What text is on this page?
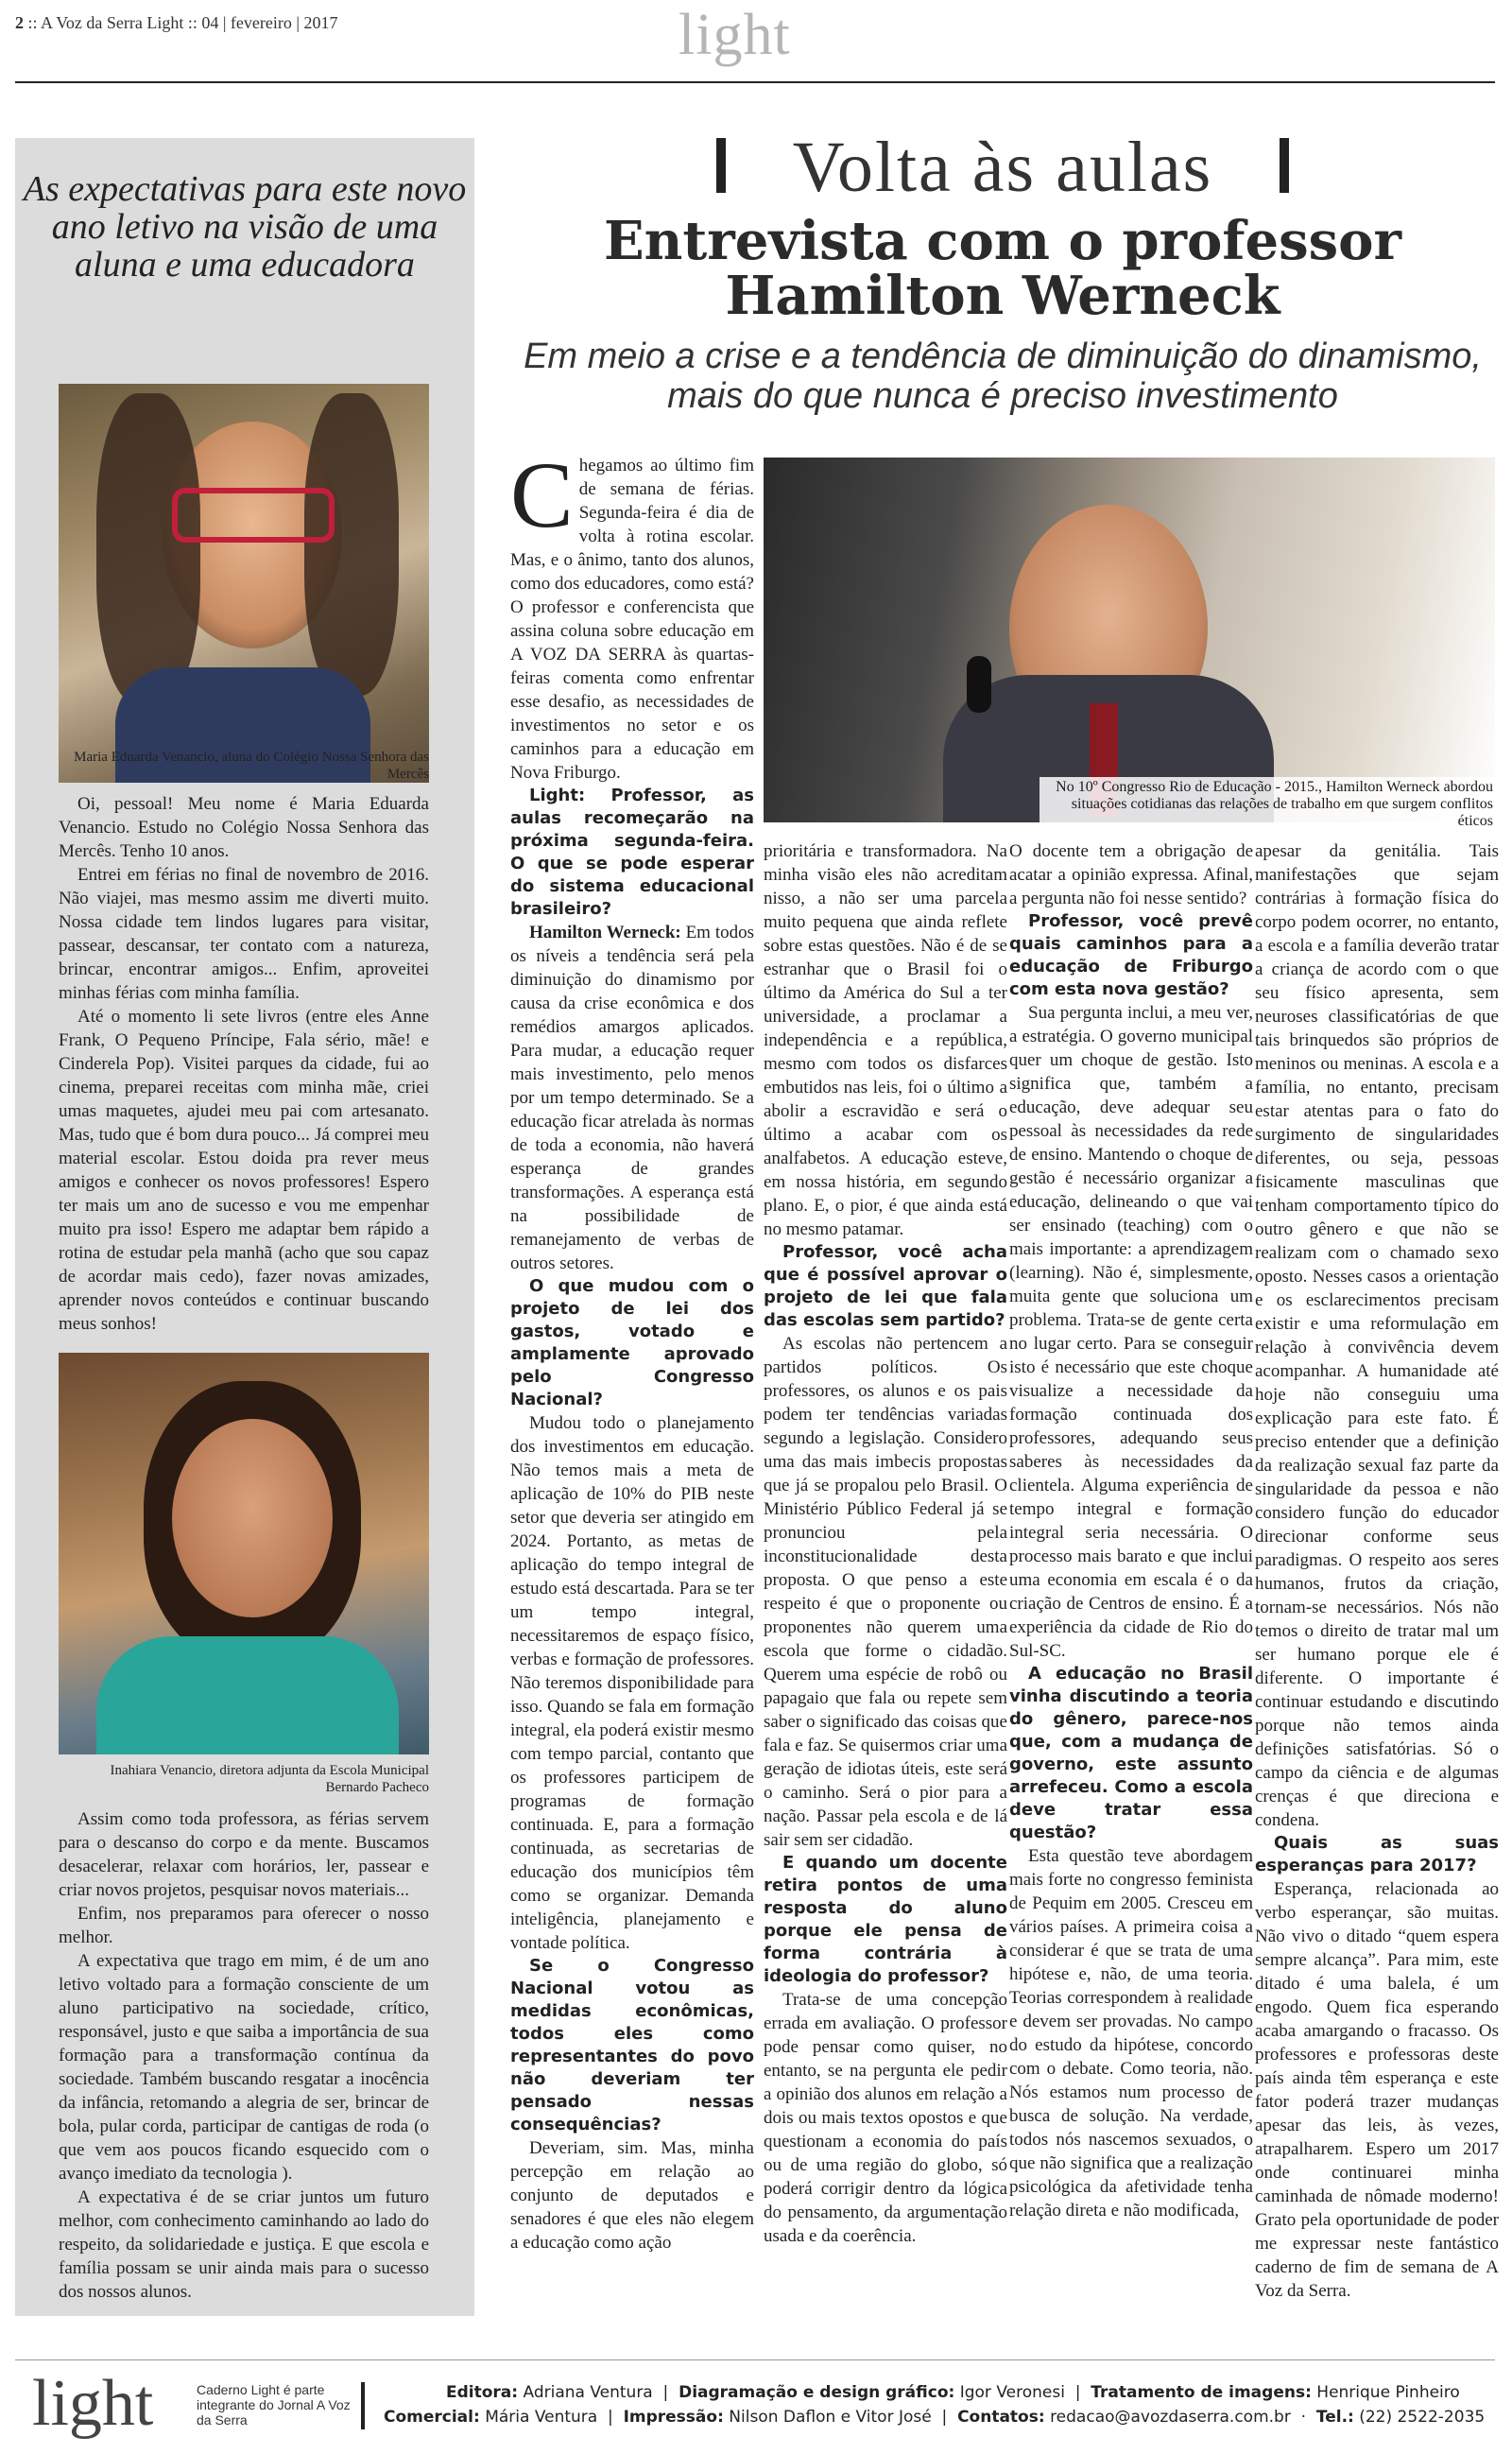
2 :: A Voz da Serra Light :: 04 | fevereiro | 2017	light
As expectativas para este novo ano letivo na visão de uma aluna e uma educadora
Maria Eduarda Venancio, aluna do Colégio Nossa Senhora das Mercês

Oi, pessoal! Meu nome é Maria Eduarda Venancio. Estudo no Colégio Nossa Senhora das Mercês. Tenho 10 anos.

Entrei em férias no final de novembro de 2016. Não viajei, mas mesmo assim me diverti muito. Nossa cidade tem lindos lugares para visitar, passear, descansar, ter contato com a natureza, brincar, encontrar amigos... Enfim, aproveitei minhas férias com minha família.

Até o momento li sete livros (entre eles Anne Frank, O Pequeno Príncipe, Fala sério, mãe! e Cinderela Pop). Visitei parques da cidade, fui ao cinema, preparei receitas com minha mãe, criei umas maquetes, ajudei meu pai com artesanato. Mas, tudo que é bom dura pouco... Já comprei meu material escolar. Estou doida pra rever meus amigos e conhecer os novos professores! Espero ter mais um ano de sucesso e vou me empenhar muito pra isso! Espero me adaptar bem rápido a rotina de estudar pela manhã (acho que sou capaz de acordar mais cedo), fazer novas amizades, aprender novos conteúdos e continuar buscando meus sonhos!

Inahiara Venancio, diretora adjunta da Escola Municipal Bernardo Pacheco

Assim como toda professora, as férias servem para o descanso do corpo e da mente. Buscamos desacelerar, relaxar com horários, ler, passear e criar novos projetos, pesquisar novos materiais...

Enfim, nos preparamos para oferecer o nosso melhor.

A expectativa que trago em mim, é de um ano letivo voltado para a formação consciente de um aluno participativo na sociedade, crítico, responsável, justo e que saiba a importância de sua formação para a transformação contínua da sociedade. Também buscando resgatar a inocência da infância, retomando a alegria de ser, brincar de bola, pular corda, participar de cantigas de roda (o que vem aos poucos ficando esquecido com o avanço imediato da tecnologia ).

A expectativa é de se criar juntos um futuro melhor, com conhecimento caminhando ao lado do respeito, da solidariedade e justiça. E que escola e família possam se unir ainda mais para o sucesso dos nossos alunos.

Volta às aulas
Entrevista com o professor Hamilton Werneck
Em meio a crise e a tendência de diminuição do dinamismo, mais do que nunca é preciso investimento
No 10º Congresso Rio de Educação - 2015., Hamilton Werneck abordou situações cotidianas das relações de trabalho em que surgem conflitos éticos

Chegamos ao último fim de semana de férias. Segunda-feira é dia de volta à rotina escolar. Mas, e o ânimo, tanto dos alunos, como dos educadores, como está? O professor e conferencista que assina coluna sobre educação em A VOZ DA SERRA às quartas-feiras comenta como enfrentar esse desafio, as necessidades de investimentos no setor e os caminhos para a educação em Nova Friburgo.

Light: Professor, as aulas recomeçarão na próxima segunda-feira. O que se pode esperar do sistema educacional brasileiro?

Hamilton Werneck: Em todos os níveis a tendência será pela diminuição do dinamismo por causa da crise econômica e dos remédios amargos aplicados. Para mudar, a educação requer mais investimento, pelo menos por um tempo determinado. Se a educação ficar atrelada às normas de toda a economia, não haverá esperança de grandes transformações. A esperança está na possibilidade de remanejamento de verbas de outros setores.

O que mudou com o projeto de lei dos gastos, votado e amplamente aprovado pelo Congresso Nacional?

Mudou todo o planejamento dos investimentos em educação. Não temos mais a meta de aplicação de 10% do PIB neste setor que deveria ser atingido em 2024. Portanto, as metas de aplicação do tempo integral de estudo está descartada. Para se ter um tempo integral, necessitaremos de espaço físico, verbas e formação de professores. Não teremos disponibilidade para isso. Quando se fala em formação integral, ela poderá existir mesmo com tempo parcial, contanto que os professores participem de programas de formação continuada. E, para a formação continuada, as secretarias de educação dos municípios têm como se organizar. Demanda inteligência, planejamento e vontade política.

Se o Congresso Nacional votou as medidas econômicas, todos eles como representantes do povo não deveriam ter pensado nessas consequências?

Deveriam, sim. Mas, minha percepção em relação ao conjunto de deputados e senadores é que eles não elegem a educação como ação

prioritária e transformadora. Na minha visão eles não acreditam nisso, a não ser uma parcela muito pequena que ainda reflete sobre estas questões. Não é de se estranhar que o Brasil foi o último da América do Sul a ter universidade, a proclamar a independência e a república, mesmo com todos os disfarces embutidos nas leis, foi o último a abolir a escravidão e será o último a acabar com os analfabetos. A educação esteve, em nossa história, em segundo plano. E, o pior, é que ainda está no mesmo patamar.

Professor, você acha que é possível aprovar o projeto de lei que fala das escolas sem partido?

As escolas não pertencem a partidos políticos. Os professores, os alunos e os pais podem ter tendências variadas segundo a legislação. Considero uma das mais imbecis propostas que já se propalou pelo Brasil. O Ministério Público Federal já se pronunciou pela inconstitucionalidade desta proposta. O que penso a este respeito é que o proponente ou proponentes não querem uma escola que forme o cidadão. Querem uma espécie de robô ou papagaio que fala ou repete sem saber o significado das coisas que fala e faz. Se quisermos criar uma geração de idiotas úteis, este será o caminho. Será o pior para a nação. Passar pela escola e de lá sair sem ser cidadão.

E quando um docente retira pontos de uma resposta do aluno porque ele pensa de forma contrária à ideologia do professor?

Trata-se de uma concepção errada em avaliação. O professor pode pensar como quiser, no entanto, se na pergunta ele pedir a opinião dos alunos em relação a dois ou mais textos opostos e que questionam a economia do país ou de uma região do globo, só poderá corrigir dentro da lógica do pensamento, da argumentação usada e da coerência.

O docente tem a obrigação de acatar a opinião expressa. Afinal, a pergunta não foi nesse sentido?

Professor, você prevê quais caminhos para a educação de Friburgo com esta nova gestão?

Sua pergunta inclui, a meu ver, a estratégia. O governo municipal quer um choque de gestão. Isto significa que, também a educação, deve adequar seu pessoal às necessidades da rede de ensino. Mantendo o choque de gestão é necessário organizar a educação, delineando o que vai ser ensinado (teaching) com o mais importante: a aprendizagem (learning). Não é, simplesmente, muita gente que soluciona um problema. Trata-se de gente certa no lugar certo. Para se conseguir isto é necessário que este choque visualize a necessidade da formação continuada dos professores, adequando seus saberes às necessidades da clientela. Alguma experiência de tempo integral e formação integral seria necessária. O processo mais barato e que inclui uma economia em escala é o da criação de Centros de ensino. É a experiência da cidade de Rio do Sul-SC.

A educação no Brasil vinha discutindo a teoria do gênero, parece-nos que, com a mudança de governo, este assunto arrefeceu. Como a escola deve tratar essa questão?

Esta questão teve abordagem mais forte no congresso feminista de Pequim em 2005. Cresceu em vários países. A primeira coisa a considerar é que se trata de uma hipótese e, não, de uma teoria. Teorias correspondem à realidade e devem ser provadas. No campo do estudo da hipótese, concordo com o debate. Como teoria, não. Nós estamos num processo de busca de solução. Na verdade, todos nós nascemos sexuados, o que não significa que a realização psicológica da afetividade tenha relação direta e não modificada,

apesar da genitália. Tais manifestações que sejam contrárias à formação física do corpo podem ocorrer, no entanto, a escola e a família deverão tratar a criança de acordo com o que seu físico apresenta, sem neuroses classificatórias de que tais brinquedos são próprios de meninos ou meninas. A escola e a família, no entanto, precisam estar atentas para o fato do surgimento de singularidades diferentes, ou seja, pessoas fisicamente masculinas que tenham comportamento típico do outro gênero e que não se realizam com o chamado sexo oposto. Nesses casos a orientação e os esclarecimentos precisam existir e uma reformulação em relação à convivência devem acompanhar. A humanidade até hoje não conseguiu uma explicação para este fato. É preciso entender que a definição da realização sexual faz parte da singularidade da pessoa e não considero função do educador direcionar conforme seus paradigmas. O respeito aos seres humanos, frutos da criação, tornam-se necessários. Nós não temos o direito de tratar mal um ser humano porque ele é diferente. O importante é continuar estudando e discutindo porque não temos ainda definições satisfatórias. Só o campo da ciência e de algumas crenças é que direciona e condena.

Quais as suas esperanças para 2017?

Esperança, relacionada ao verbo esperançar, são muitas. Não vivo o ditado “quem espera sempre alcança”. Para mim, este ditado é uma balela, é um engodo. Quem fica esperando acaba amargando o fracasso. Os professores e professoras deste país ainda têm esperança e este fator poderá trazer mudanças apesar das leis, às vezes, atrapalharem. Espero um 2017 onde continuarei minha caminhada de nômade moderno! Grato pela oportunidade de poder me expressar neste fantástico caderno de fim de semana de A Voz da Serra.

light	Caderno Light é parte integrante do Jornal A Voz da Serra
Editora: Adriana Ventura  |  Diagramação e design gráfico: Igor Veronesi  |  Tratamento de imagens: Henrique Pinheiro
Comercial: Mária Ventura  |  Impressão: Nilson Daflon e Vitor José  |  Contatos: redacao@avozdaserra.com.br  ·  Tel.: (22) 2522-2035
